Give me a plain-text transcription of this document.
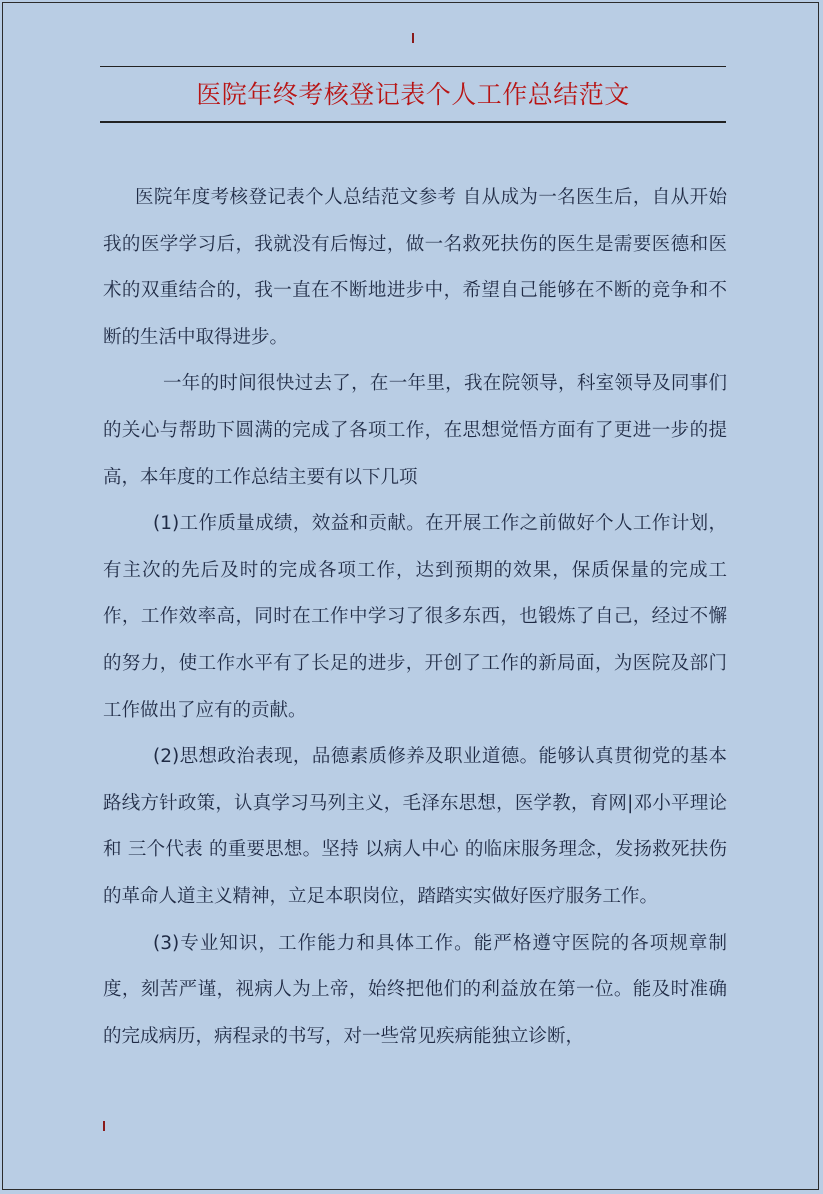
医院年终考核登记表个人工作总结范文

医院年度考核登记表个人总结范文参考 自从成为一名医生后，自从开始我的医学学习后，我就没有后悔过，做一名救死扶伤的医生是需要医德和医术的双重结合的，我一直在不断地进步中，希望自己能够在不断的竞争和不断的生活中取得进步。

一年的时间很快过去了，在一年里，我在院领导，科室领导及同事们的关心与帮助下圆满的完成了各项工作，在思想觉悟方面有了更进一步的提高，本年度的工作总结主要有以下几项

(1)工作质量成绩，效益和贡献。在开展工作之前做好个人工作计划，有主次的先后及时的完成各项工作，达到预期的效果，保质保量的完成工作，工作效率高，同时在工作中学习了很多东西，也锻炼了自己，经过不懈的努力，使工作水平有了长足的进步，开创了工作的新局面，为医院及部门工作做出了应有的贡献。

(2)思想政治表现，品德素质修养及职业道德。能够认真贯彻党的基本路线方针政策，认真学习马列主义，毛泽东思想，医学教，育网|邓小平理论和 三个代表 的重要思想。坚持 以病人中心 的临床服务理念，发扬救死扶伤的革命人道主义精神，立足本职岗位，踏踏实实做好医疗服务工作。

(3)专业知识，工作能力和具体工作。能严格遵守医院的各项规章制度，刻苦严谨，视病人为上帝，始终把他们的利益放在第一位。能及时准确的完成病历，病程录的书写，对一些常见疾病能独立诊断，
